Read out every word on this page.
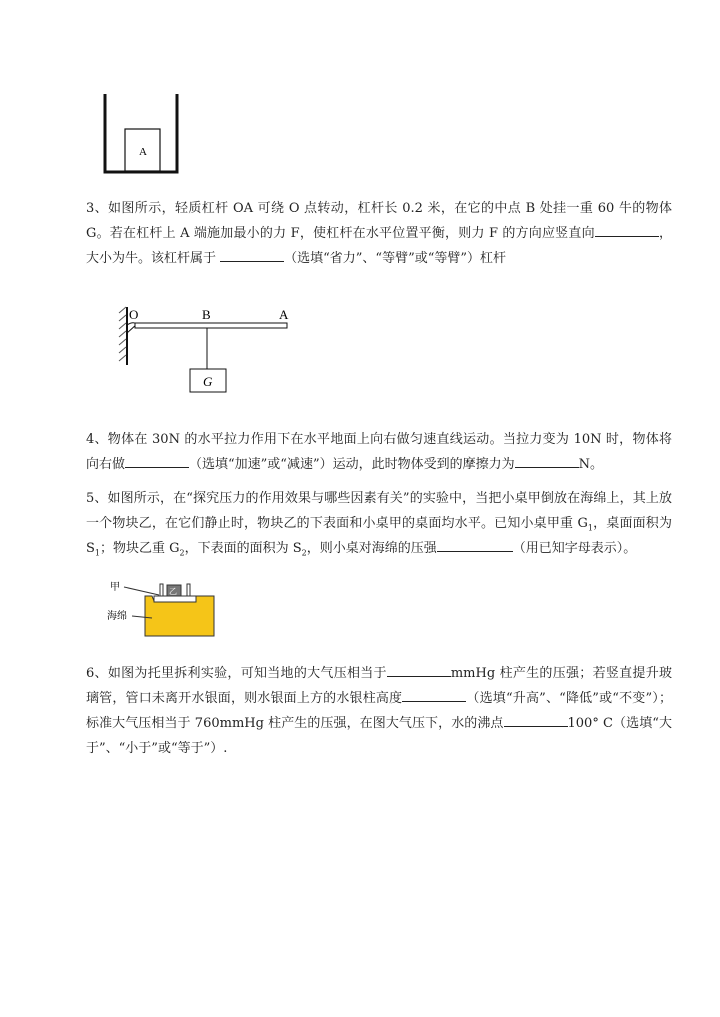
A
3、如图所示，轻质杠杆 OA 可绕 O 点转动，杠杆长 0.2 米，在它的中点 B 处挂一重 60 牛的物体 G。若在杠杆上 A 端施加最小的力 F，使杠杆在水平位置平衡，则力 F 的方向应竖直向	，大小为牛。该杠杆属于	（选填“省力”、“等臂”或“等臂”）杠杆
O	B	A
G
4、物体在 30N 的水平拉力作用下在水平地面上向右做匀速直线运动。当拉力变为 10N 时，物体将向右做	（选填“加速”或“减速”）运动，此时物体受到的摩擦力为	N。
5、如图所示，在“探究压力的作用效果与哪些因素有关”的实验中，当把小桌甲倒放在海绵上，其上放一个物块乙，在它们静止时，物块乙的下表面和小桌甲的桌面均水平。已知小桌甲重 $G_1$，桌面面积为 $S_1$；物块乙重 $G_2$，下表面的面积为 $S_2$，则小桌对海绵的压强	（用已知字母表示）。
乙
甲
海绵
6、如图为托里拆利实验，可知当地的大气压相当于	mmHg 柱产生的压强；若竖直提升玻璃管，管口未离开水银面，则水银面上方的水银柱高度	（选填“升高”、“降低”或“不变”）；标准大气压相当于 760mmHg 柱产生的压强，在图大气压下，水的沸点	100° C（选填“大于”、“小于”或“等于”）.
